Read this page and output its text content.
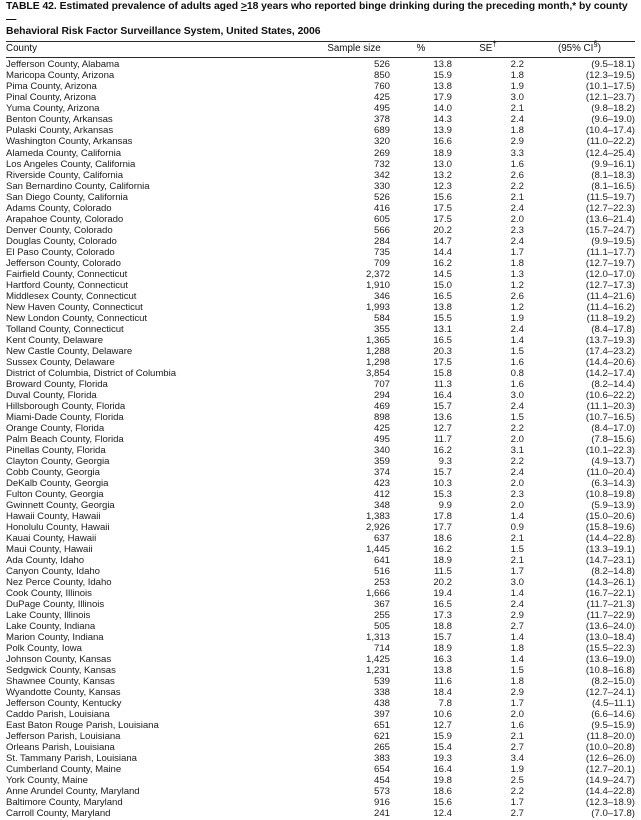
TABLE 42. Estimated prevalence of adults aged ≥18 years who reported binge drinking during the preceding month,* by county —
Behavioral Risk Factor Surveillance System, United States, 2006
County	Sample size	%	SE†	(95% CI§)
Jefferson County, Alabama	526	13.8	2.2	(9.5–18.1)
Maricopa County, Arizona	850	15.9	1.8	(12.3–19.5)
Pima County, Arizona	760	13.8	1.9	(10.1–17.5)
Pinal County, Arizona	425	17.9	3.0	(12.1–23.7)
Yuma County, Arizona	495	14.0	2.1	(9.8–18.2)
Benton County, Arkansas	378	14.3	2.4	(9.6–19.0)
Pulaski County, Arkansas	689	13.9	1.8	(10.4–17.4)
Washington County, Arkansas	320	16.6	2.9	(11.0–22.2)
Alameda County, California	269	18.9	3.3	(12.4–25.4)
Los Angeles County, California	732	13.0	1.6	(9.9–16.1)
Riverside County, California	342	13.2	2.6	(8.1–18.3)
San Bernardino County, California	330	12.3	2.2	(8.1–16.5)
San Diego County, California	526	15.6	2.1	(11.5–19.7)
Adams County, Colorado	416	17.5	2.4	(12.7–22.3)
Arapahoe County, Colorado	605	17.5	2.0	(13.6–21.4)
Denver County, Colorado	566	20.2	2.3	(15.7–24.7)
Douglas County, Colorado	284	14.7	2.4	(9.9–19.5)
El Paso County, Colorado	735	14.4	1.7	(11.1–17.7)
Jefferson County, Colorado	709	16.2	1.8	(12.7–19.7)
Fairfield County, Connecticut	2,372	14.5	1.3	(12.0–17.0)
Hartford County, Connecticut	1,910	15.0	1.2	(12.7–17.3)
Middlesex County, Connecticut	346	16.5	2.6	(11.4–21.6)
New Haven County, Connecticut	1,993	13.8	1.2	(11.4–16.2)
New London County, Connecticut	584	15.5	1.9	(11.8–19.2)
Tolland County, Connecticut	355	13.1	2.4	(8.4–17.8)
Kent County, Delaware	1,365	16.5	1.4	(13.7–19.3)
New Castle County, Delaware	1,288	20.3	1.5	(17.4–23.2)
Sussex County, Delaware	1,298	17.5	1.6	(14.4–20.6)
District of Columbia, District of Columbia	3,854	15.8	0.8	(14.2–17.4)
Broward County, Florida	707	11.3	1.6	(8.2–14.4)
Duval County, Florida	294	16.4	3.0	(10.6–22.2)
Hillsborough County, Florida	469	15.7	2.4	(11.1–20.3)
Miami-Dade County, Florida	898	13.6	1.5	(10.7–16.5)
Orange County, Florida	425	12.7	2.2	(8.4–17.0)
Palm Beach County, Florida	495	11.7	2.0	(7.8–15.6)
Pinellas County, Florida	340	16.2	3.1	(10.1–22.3)
Clayton County, Georgia	359	9.3	2.2	(4.9–13.7)
Cobb County, Georgia	374	15.7	2.4	(11.0–20.4)
DeKalb County, Georgia	423	10.3	2.0	(6.3–14.3)
Fulton County, Georgia	412	15.3	2.3	(10.8–19.8)
Gwinnett County, Georgia	348	9.9	2.0	(5.9–13.9)
Hawaii County, Hawaii	1,383	17.8	1.4	(15.0–20.6)
Honolulu County, Hawaii	2,926	17.7	0.9	(15.8–19.6)
Kauai County, Hawaii	637	18.6	2.1	(14.4–22.8)
Maui County, Hawaii	1,445	16.2	1.5	(13.3–19.1)
Ada County, Idaho	641	18.9	2.1	(14.7–23.1)
Canyon County, Idaho	516	11.5	1.7	(8.2–14.8)
Nez Perce County, Idaho	253	20.2	3.0	(14.3–26.1)
Cook County, Illinois	1,666	19.4	1.4	(16.7–22.1)
DuPage County, Illinois	367	16.5	2.4	(11.7–21.3)
Lake County, Illinois	255	17.3	2.9	(11.7–22.9)
Lake County, Indiana	505	18.8	2.7	(13.6–24.0)
Marion County, Indiana	1,313	15.7	1.4	(13.0–18.4)
Polk County, Iowa	714	18.9	1.8	(15.5–22.3)
Johnson County, Kansas	1,425	16.3	1.4	(13.6–19.0)
Sedgwick County, Kansas	1,231	13.8	1.5	(10.8–16.8)
Shawnee County, Kansas	539	11.6	1.8	(8.2–15.0)
Wyandotte County, Kansas	338	18.4	2.9	(12.7–24.1)
Jefferson County, Kentucky	438	7.8	1.7	(4.5–11.1)
Caddo Parish, Louisiana	397	10.6	2.0	(6.6–14.6)
East Baton Rouge Parish, Louisiana	651	12.7	1.6	(9.5–15.9)
Jefferson Parish, Louisiana	621	15.9	2.1	(11.8–20.0)
Orleans Parish, Louisiana	265	15.4	2.7	(10.0–20.8)
St. Tammany Parish, Louisiana	383	19.3	3.4	(12.6–26.0)
Cumberland County, Maine	654	16.4	1.9	(12.7–20.1)
York County, Maine	454	19.8	2.5	(14.9–24.7)
Anne Arundel County, Maryland	573	18.6	2.2	(14.4–22.8)
Baltimore County, Maryland	916	15.6	1.7	(12.3–18.9)
Carroll County, Maryland	241	12.4	2.7	(7.0–17.8)
